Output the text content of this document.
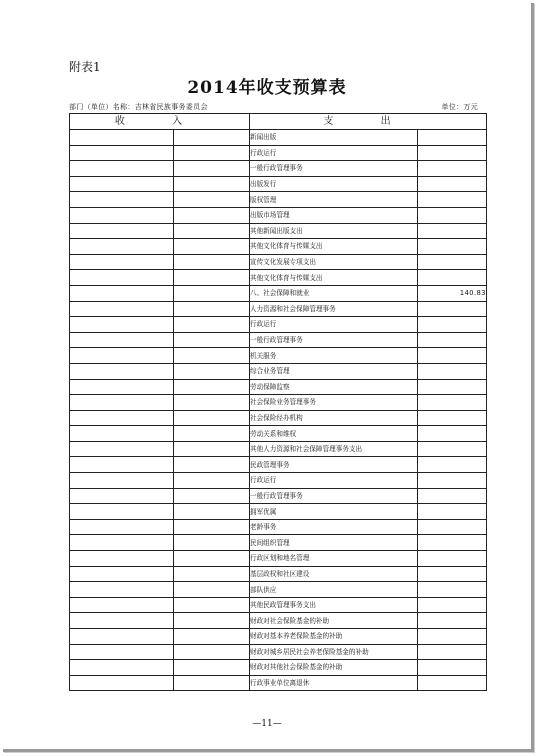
附表1
2014年收支预算表
部门（单位）名称：吉林省民族事务委员会	单位：万元
收 入		支 出	
		新闻出版	
		行政运行	
		一般行政管理事务	
		出版发行	
		版权管理	
		出版市场管理	
		其他新闻出版支出	
		其他文化体育与传媒支出	
		宣传文化发展专项支出	
		其他文化体育与传媒支出	
		八、社会保障和就业	140.83
		人力资源和社会保障管理事务	
		行政运行	
		一般行政管理事务	
		机关服务	
		综合业务管理	
		劳动保障监察	
		社会保险业务管理事务	
		社会保险经办机构	
		劳动关系和维权	
		其他人力资源和社会保障管理事务支出	
		民政管理事务	
		行政运行	
		一般行政管理事务	
		拥军优属	
		老龄事务	
		民间组织管理	
		行政区划和地名管理	
		基层政权和社区建设	
		部队供应	
		其他民政管理事务支出	
		财政对社会保险基金的补助	
		财政对基本养老保险基金的补助	
		财政对城乡居民社会养老保险基金的补助	
		财政对其他社会保险基金的补助	
		行政事业单位离退休	
—11—
